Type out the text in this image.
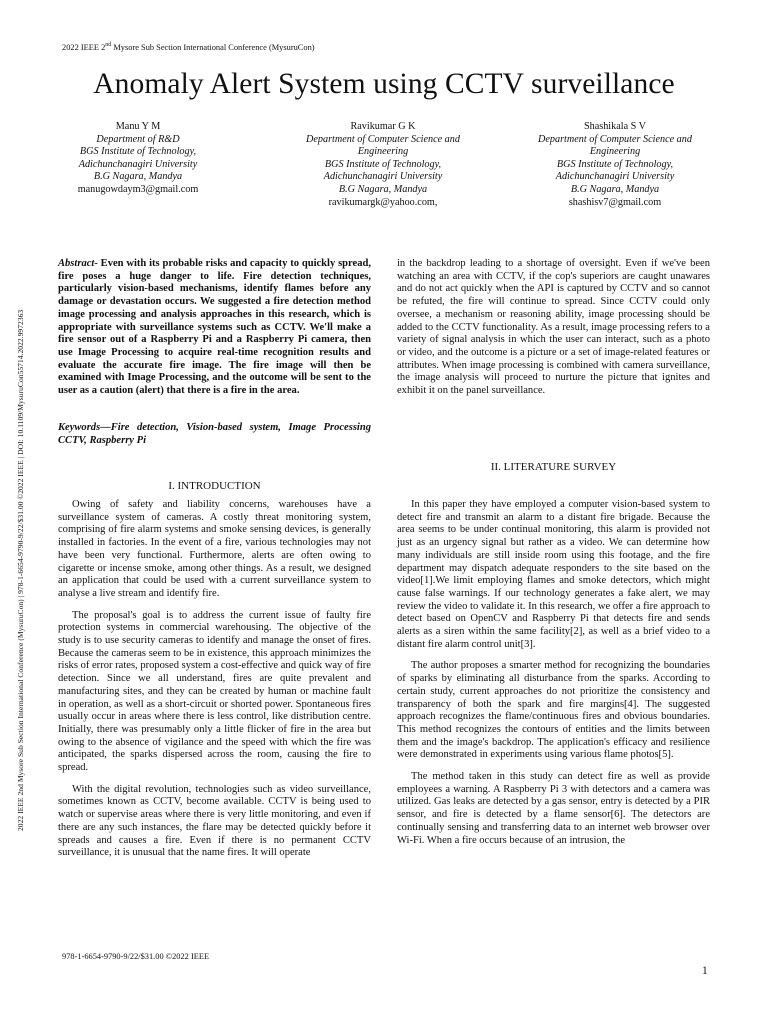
2022 IEEE 2nd Mysore Sub Section International Conference (MysuruCon)
Anomaly Alert System using CCTV surveillance
Manu Y M
Department of R&D
BGS Institute of Technology,
Adichunchanagiri University
B.G Nagara, Mandya
manugowdaym3@gmail.com
Ravikumar G K
Department of Computer Science and Engineering
BGS Institute of Technology,
Adichunchanagiri University
B.G Nagara, Mandya
ravikumargk@yahoo.com,
Shashikala S V
Department of Computer Science and Engineering
BGS Institute of Technology,
Adichunchanagiri University
B.G Nagara, Mandya
shashisv7@gmail.com
2022 IEEE 2nd Mysore Sub Section International Conference (MysuruCon) | 978-1-6654-9790-9/22/$31.00 ©2022 IEEE | DOI: 10.1109/MysuruCon55714.2022.9972363
Abstract- Even with its probable risks and capacity to quickly spread, fire poses a huge danger to life. Fire detection techniques, particularly vision-based mechanisms, identify flames before any damage or devastation occurs. We suggested a fire detection method image processing and analysis approaches in this research, which is appropriate with surveillance systems such as CCTV. We'll make a fire sensor out of a Raspberry Pi and a Raspberry Pi camera, then use Image Processing to acquire real-time recognition results and evaluate the accurate fire image. The fire image will then be examined with Image Processing, and the outcome will be sent to the user as a caution (alert) that there is a fire in the area.
Keywords—Fire detection, Vision-based system, Image Processing CCTV, Raspberry Pi
I. INTRODUCTION

Owing of safety and liability concerns, warehouses have a surveillance system of cameras. A costly threat monitoring system, comprising of fire alarm systems and smoke sensing devices, is generally installed in factories. In the event of a fire, various technologies may not have been very functional. Furthermore, alerts are often owing to cigarette or incense smoke, among other things. As a result, we designed an application that could be used with a current surveillance system to analyse a live stream and identify fire.

The proposal's goal is to address the current issue of faulty fire protection systems in commercial warehousing. The objective of the study is to use security cameras to identify and manage the onset of fires. Because the cameras seem to be in existence, this approach minimizes the risks of error rates, proposed system a cost-effective and quick way of fire detection. Since we all understand, fires are quite prevalent and manufacturing sites, and they can be created by human or machine fault in operation, as well as a short-circuit or shorted power. Spontaneous fires usually occur in areas where there is less control, like distribution centre. Initially, there was presumably only a little flicker of fire in the area but owing to the absence of vigilance and the speed with which the fire was anticipated, the sparks dispersed across the room, causing the fire to spread.

With the digital revolution, technologies such as video surveillance, sometimes known as CCTV, become available. CCTV is being used to watch or supervise areas where there is very little monitoring, and even if there are any such instances, the flare may be detected quickly before it spreads and causes a fire. Even if there is no permanent CCTV surveillance, it is unusual that the name fires. It will operate

in the backdrop leading to a shortage of oversight. Even if we've been watching an area with CCTV, if the cop's superiors are caught unawares and do not act quickly when the API is captured by CCTV and so cannot be refuted, the fire will continue to spread. Since CCTV could only oversee, a mechanism or reasoning ability, image processing should be added to the CCTV functionality. As a result, image processing refers to a variety of signal analysis in which the user can interact, such as a photo or video, and the outcome is a picture or a set of image-related features or attributes. When image processing is combined with camera surveillance, the image analysis will proceed to nurture the picture that ignites and exhibit it on the panel surveillance.
II. LITERATURE SURVEY

In this paper they have employed a computer vision-based system to detect fire and transmit an alarm to a distant fire brigade. Because the area seems to be under continual monitoring, this alarm is provided not just as an urgency signal but rather as a video. We can determine how many individuals are still inside room using this footage, and the fire department may dispatch adequate responders to the site based on the video[1].We limit employing flames and smoke detectors, which might cause false warnings. If our technology generates a fake alert, we may review the video to validate it. In this research, we offer a fire approach to detect based on OpenCV and Raspberry Pi that detects fire and sends alerts as a siren within the same facility[2], as well as a brief video to a distant fire alarm control unit[3].

The author proposes a smarter method for recognizing the boundaries of sparks by eliminating all disturbance from the sparks. According to certain study, current approaches do not prioritize the consistency and transparency of both the spark and fire margins[4]. The suggested approach recognizes the flame/continuous fires and obvious boundaries. This method recognizes the contours of entities and the limits between them and the image's backdrop. The application's efficacy and resilience were demonstrated in experiments using various flame photos[5].

The method taken in this study can detect fire as well as provide employees a warning. A Raspberry Pi 3 with detectors and a camera was utilized. Gas leaks are detected by a gas sensor, entry is detected by a PIR sensor, and fire is detected by a flame sensor[6]. The detectors are continually sensing and transferring data to an internet web browser over Wi-Fi. When a fire occurs because of an intrusion, the

978-1-6654-9790-9/22/$31.00 ©2022 IEEE
1
